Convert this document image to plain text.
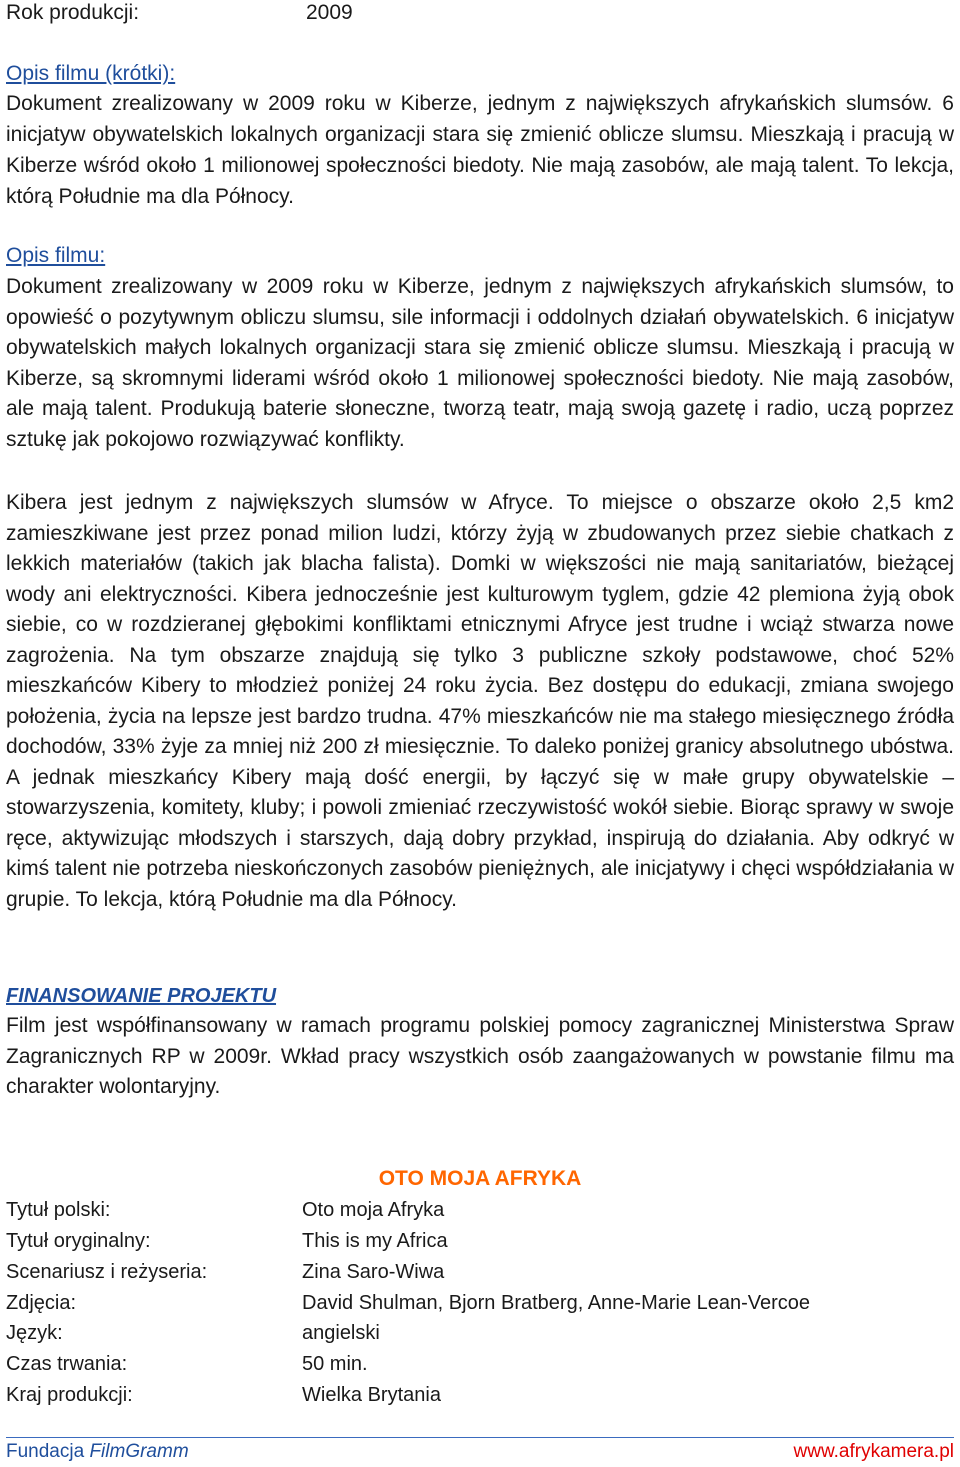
Rok produkcji:	2009
Opis filmu (krótki):

Dokument zrealizowany w 2009 roku w Kiberze, jednym z największych afrykańskich slumsów. 6 inicjatyw obywatelskich lokalnych organizacji stara się zmienić oblicze slumsu. Mieszkają i pracują w Kiberze wśród około 1 milionowej społeczności biedoty. Nie mają zasobów, ale mają talent. To lekcja, którą Południe ma dla Północy.

Opis filmu:

Dokument zrealizowany w 2009 roku w Kiberze, jednym z największych afrykańskich slumsów, to opowieść o pozytywnym obliczu slumsu, sile informacji i oddolnych działań obywatelskich. 6 inicjatyw obywatelskich małych lokalnych organizacji stara się zmienić oblicze slumsu. Mieszkają i pracują w Kiberze, są skromnymi liderami wśród około 1 milionowej społeczności biedoty. Nie mają zasobów, ale mają talent. Produkują baterie słoneczne, tworzą teatr, mają swoją gazetę i radio, uczą poprzez sztukę jak pokojowo rozwiązywać konflikty.

Kibera jest jednym z największych slumsów w Afryce. To miejsce o obszarze około 2,5 km2 zamieszkiwane jest przez ponad milion ludzi, którzy żyją w zbudowanych przez siebie chatkach z lekkich materiałów (takich jak blacha falista). Domki w większości nie mają sanitariatów, bieżącej wody ani elektryczności. Kibera jednocześnie jest kulturowym tyglem, gdzie 42 plemiona żyją obok siebie, co w rozdzieranej głębokimi konfliktami etnicznymi Afryce jest trudne i wciąż stwarza nowe zagrożenia. Na tym obszarze znajdują się tylko 3 publiczne szkoły podstawowe, choć 52% mieszkańców Kibery to młodzież poniżej 24 roku życia. Bez dostępu do edukacji, zmiana swojego położenia, życia na lepsze jest bardzo trudna. 47% mieszkańców nie ma stałego miesięcznego źródła dochodów, 33% żyje za mniej niż 200 zł miesięcznie. To daleko poniżej granicy absolutnego ubóstwa. A jednak mieszkańcy Kibery mają dość energii, by łączyć się w małe grupy obywatelskie – stowarzyszenia, komitety, kluby; i powoli zmieniać rzeczywistość wokół siebie. Biorąc sprawy w swoje ręce, aktywizując młodszych i starszych, dają dobry przykład, inspirują do działania. Aby odkryć w kimś talent nie potrzeba nieskończonych zasobów pieniężnych, ale inicjatywy i chęci współdziałania w grupie. To lekcja, którą Południe ma dla Północy.

FINANSOWANIE PROJEKTU

Film jest współfinansowany w ramach programu polskiej pomocy zagranicznej Ministerstwa Spraw Zagranicznych RP w 2009r. Wkład pracy wszystkich osób zaangażowanych w powstanie filmu ma charakter wolontaryjny.

OTO MOJA AFRYKA
Tytuł polski:	Oto moja Afryka
Tytuł oryginalny:	This is my Africa
Scenariusz i reżyseria:	Zina Saro-Wiwa
Zdjęcia:	David Shulman, Bjorn Bratberg, Anne-Marie Lean-Vercoe
Język:	angielski
Czas trwania:	50 min.
Kraj produkcji:	Wielka Brytania
Fundacja FilmGramm	www.afrykamera.pl
